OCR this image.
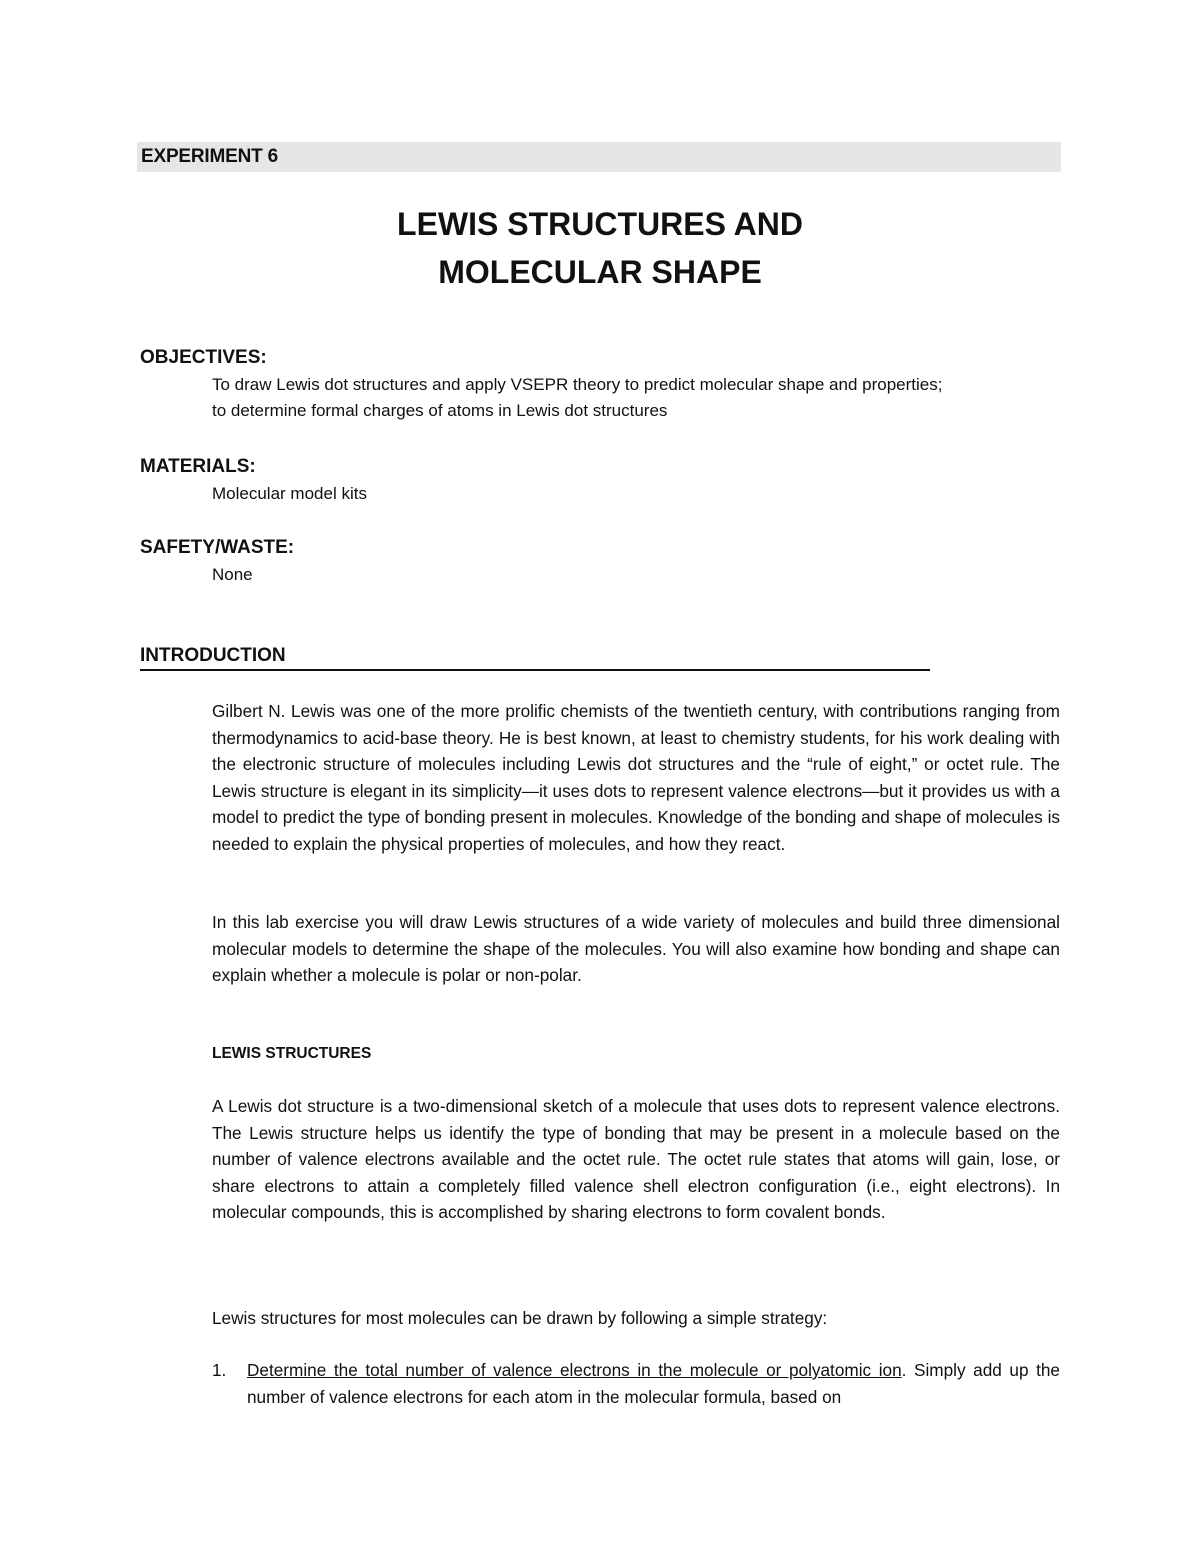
EXPERIMENT 6
LEWIS STRUCTURES AND
MOLECULAR SHAPE
OBJECTIVES:
To draw Lewis dot structures and apply VSEPR theory to predict molecular shape and properties;
to determine formal charges of atoms in Lewis dot structures
MATERIALS:
Molecular model kits
SAFETY/WASTE:
None
INTRODUCTION

Gilbert N. Lewis was one of the more prolific chemists of the twentieth century, with contributions ranging from thermodynamics to acid-base theory. He is best known, at least to chemistry students, for his work dealing with the electronic structure of molecules including Lewis dot structures and the “rule of eight,” or octet rule. The Lewis structure is elegant in its simplicity—it uses dots to represent valence electrons—but it provides us with a model to predict the type of bonding present in molecules. Knowledge of the bonding and shape of molecules is needed to explain the physical properties of molecules, and how they react.

In this lab exercise you will draw Lewis structures of a wide variety of molecules and build three dimensional molecular models to determine the shape of the molecules. You will also examine how bonding and shape can explain whether a molecule is polar or non-polar.

LEWIS STRUCTURES

A Lewis dot structure is a two-dimensional sketch of a molecule that uses dots to represent valence electrons. The Lewis structure helps us identify the type of bonding that may be present in a molecule based on the number of valence electrons available and the octet rule. The octet rule states that atoms will gain, lose, or share electrons to attain a completely filled valence shell electron configuration (i.e., eight electrons). In molecular compounds, this is accomplished by sharing electrons to form covalent bonds.

Lewis structures for most molecules can be drawn by following a simple strategy:

1. Determine the total number of valence electrons in the molecule or polyatomic ion. Simply add up the number of valence electrons for each atom in the molecular formula, based on
